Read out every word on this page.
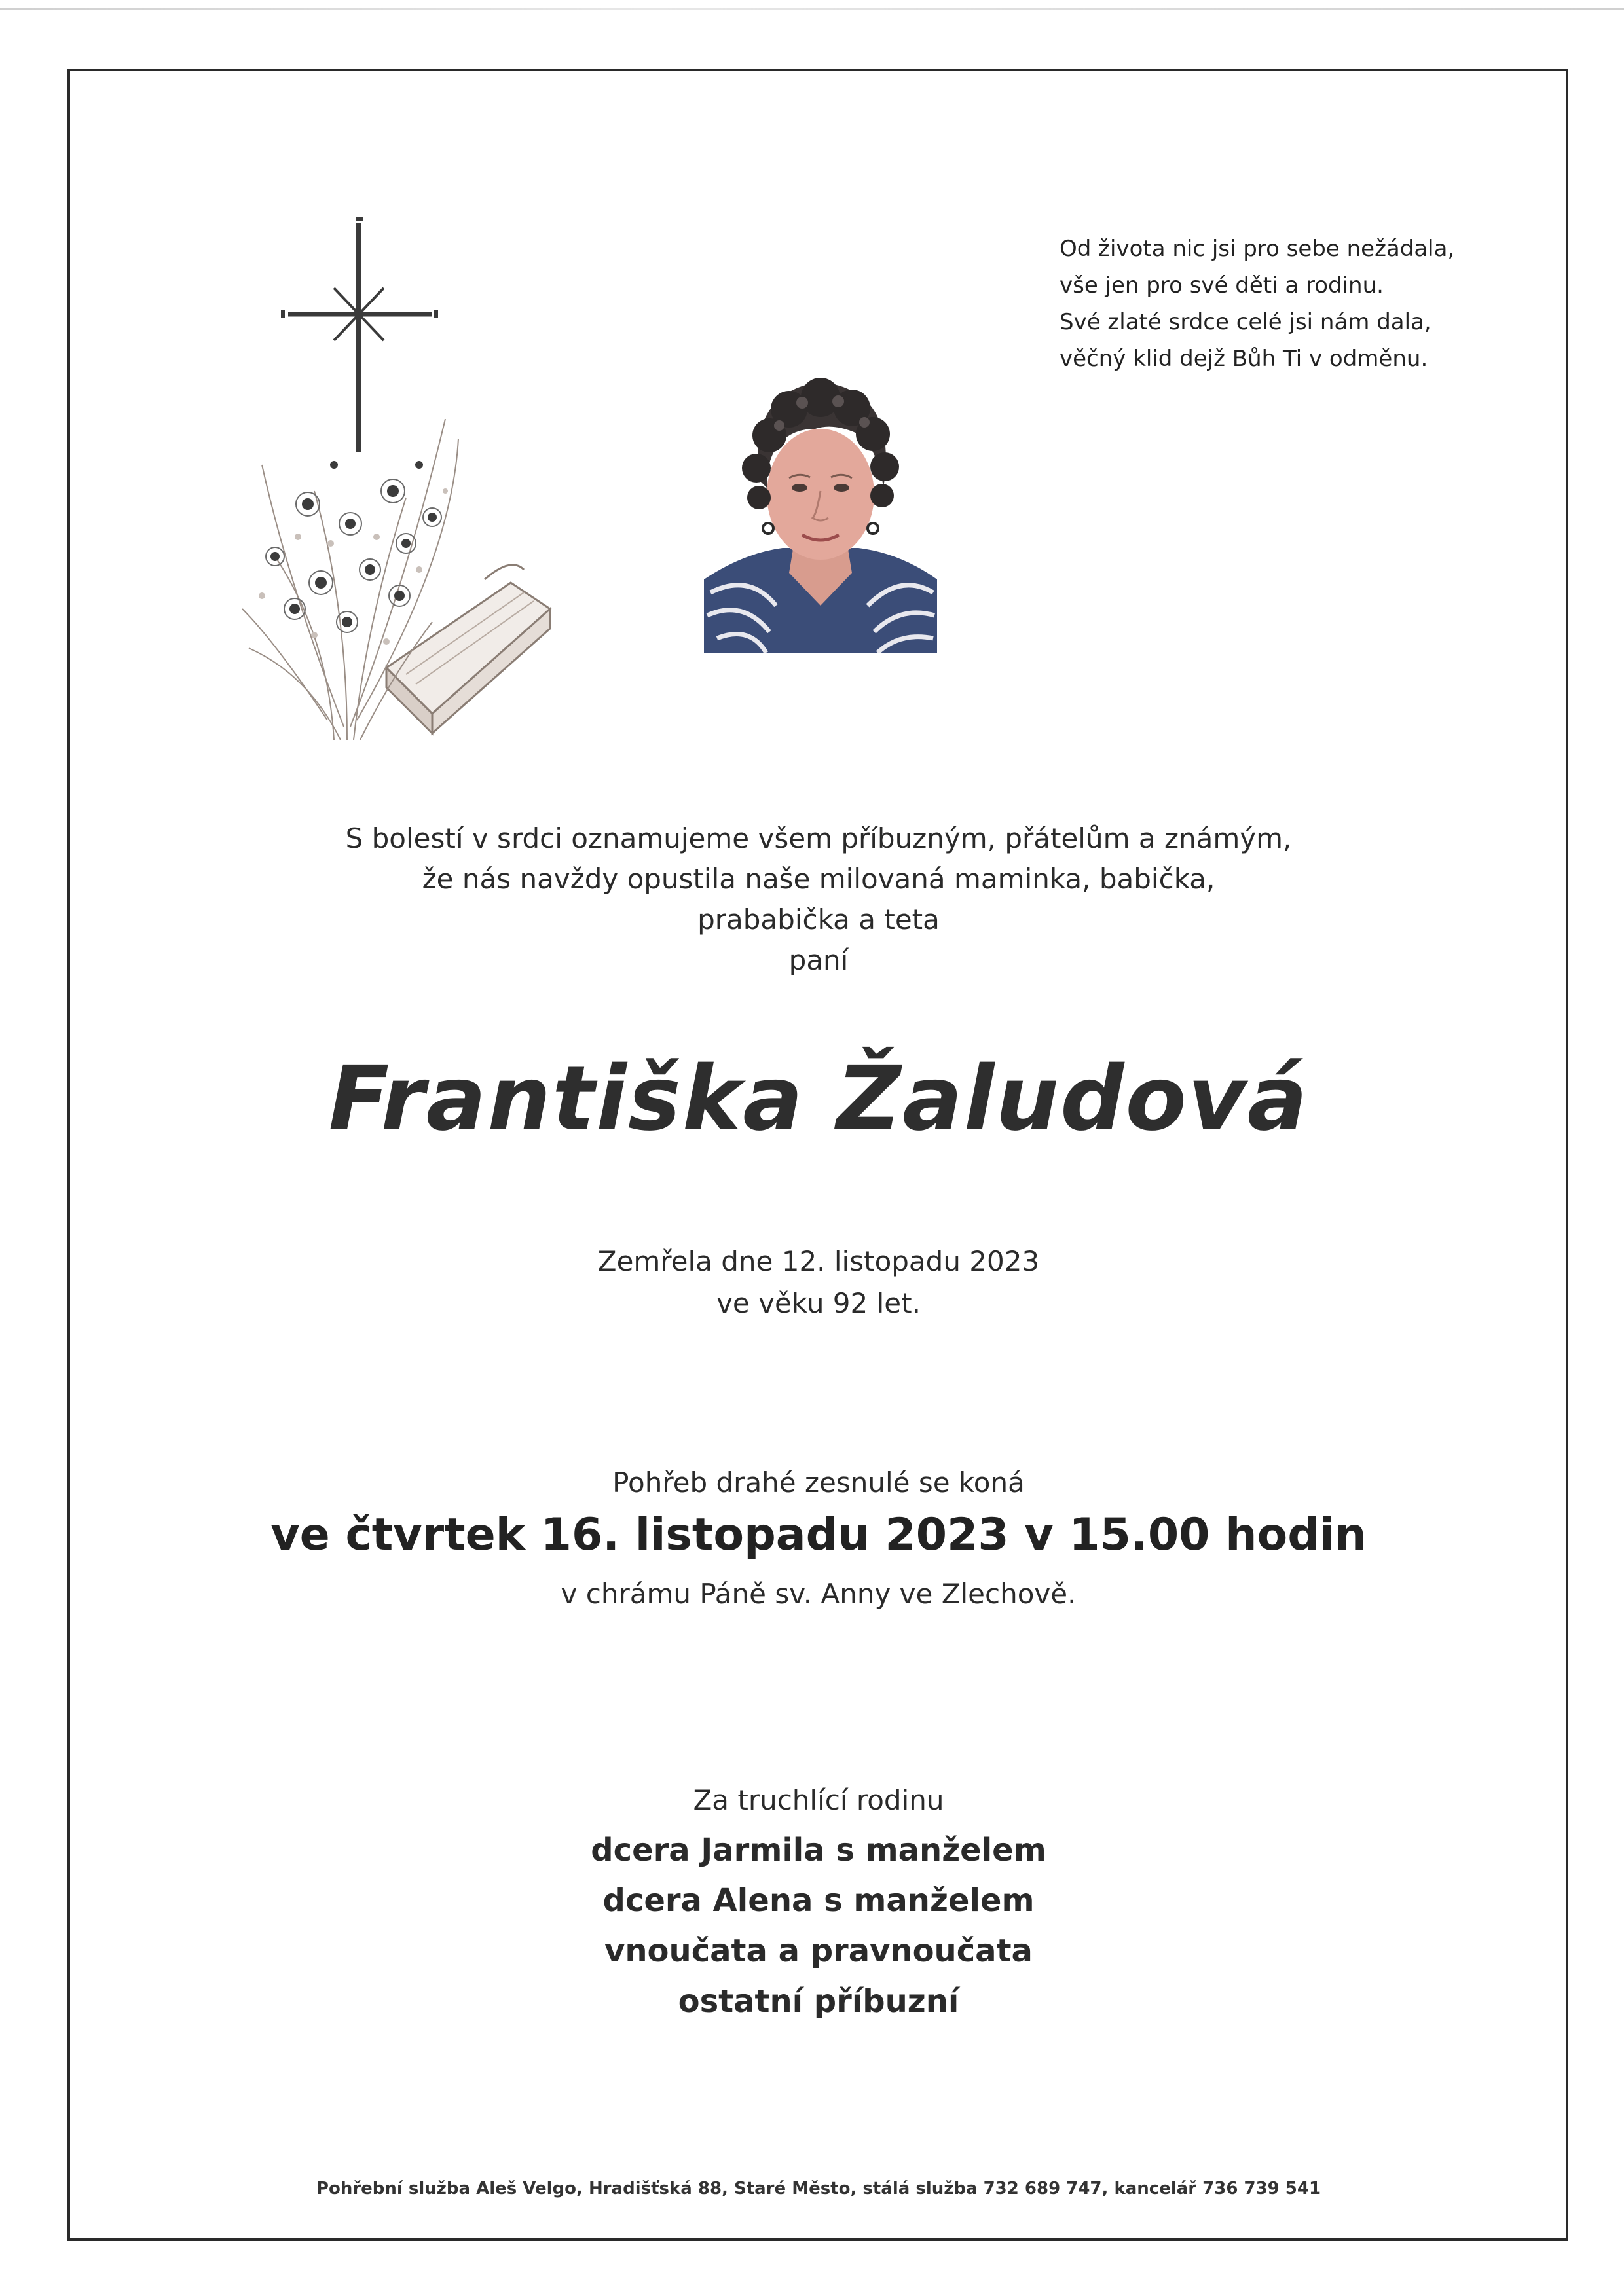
Od života nic jsi pro sebe nežádala,
vše jen pro své děti a rodinu.
Své zlaté srdce celé jsi nám dala,
věčný klid dejž Bůh Ti v odměnu.
S bolestí v srdci oznamujeme všem příbuzným, přátelům a známým,
že nás navždy opustila naše milovaná maminka, babička,
prababička a teta
paní
Františka Žaludová
Zemřela dne 12. listopadu 2023
ve věku 92 let.
Pohřeb drahé zesnulé se koná
ve čtvrtek 16. listopadu 2023 v 15.00 hodin
v chrámu Páně sv. Anny ve Zlechově.
Za truchlící rodinu
dcera Jarmila s manželem
dcera Alena s manželem
vnoučata a pravnoučata
ostatní příbuzní
Pohřební služba Aleš Velgo, Hradišťská 88, Staré Město, stálá služba 732 689 747, kancelář 736 739 541
